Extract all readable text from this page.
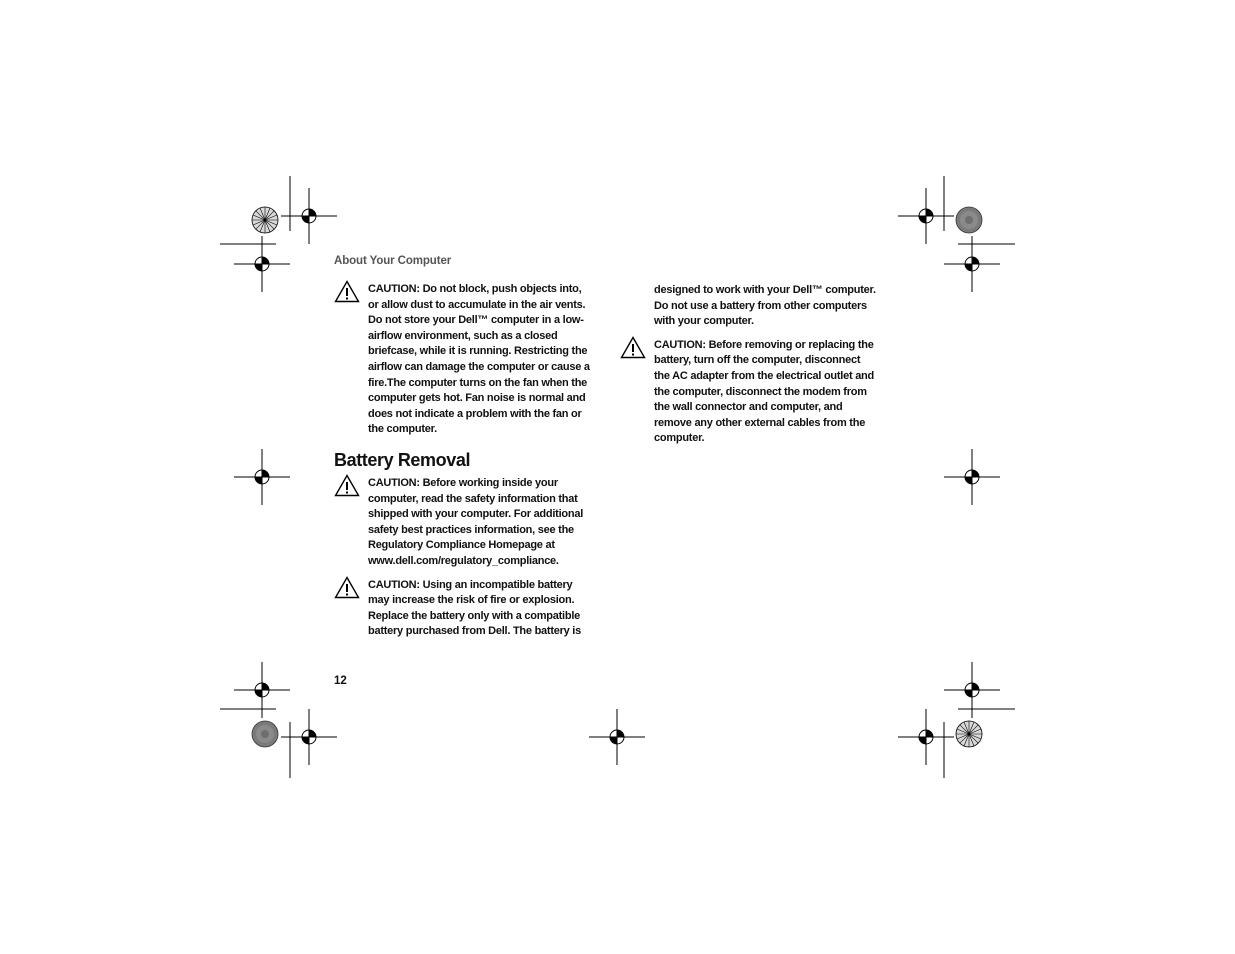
About Your Computer
CAUTION: Do not block, push objects into, or allow dust to accumulate in the air vents. Do not store your Dell™ computer in a low-airflow environment, such as a closed briefcase, while it is running. Restricting the airflow can damage the computer or cause a fire.The computer turns on the fan when the computer gets hot. Fan noise is normal and does not indicate a problem with the fan or the computer.
Battery Removal
CAUTION: Before working inside your computer, read the safety information that shipped with your computer. For additional safety best practices information, see the Regulatory Compliance Homepage at www.dell.com/regulatory_compliance.
CAUTION: Using an incompatible battery may increase the risk of fire or explosion. Replace the battery only with a compatible battery purchased from Dell. The battery is
designed to work with your Dell™ computer. Do not use a battery from other computers with your computer.
CAUTION: Before removing or replacing the battery, turn off the computer, disconnect the AC adapter from the electrical outlet and the computer, disconnect the modem from the wall connector and computer, and remove any other external cables from the computer.
12
